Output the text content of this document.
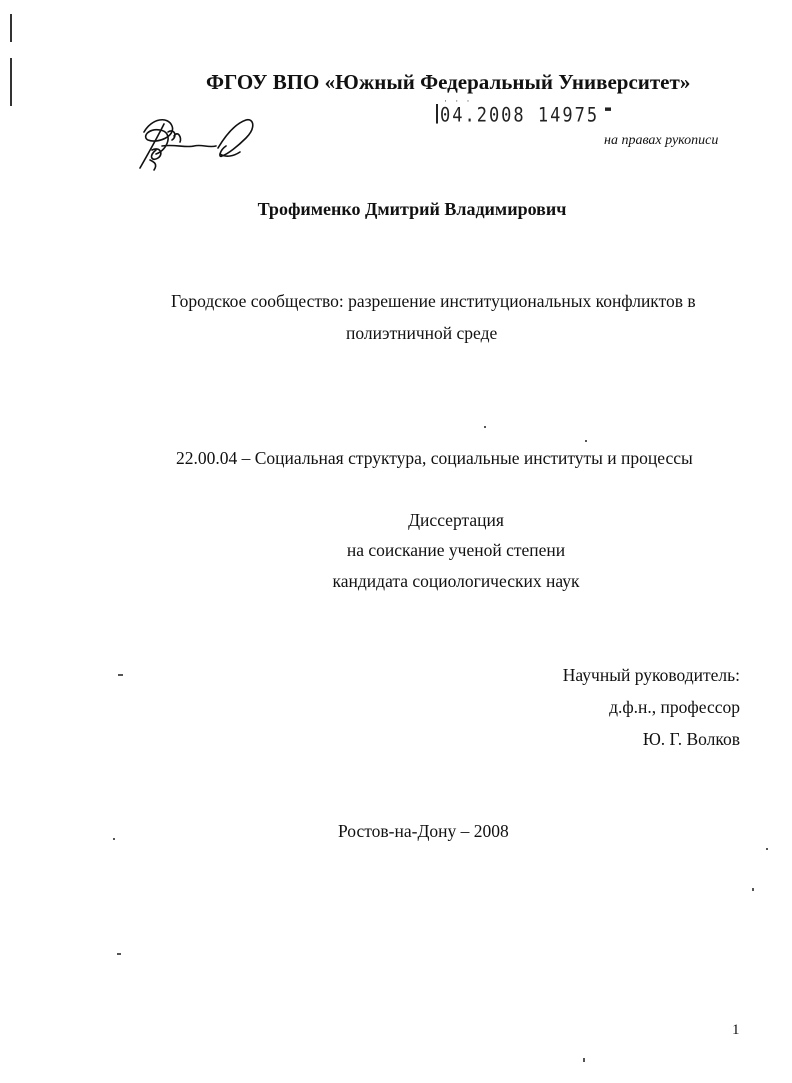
ФГОУ ВПО «Южный Федеральный Университет»
· · ·
04.2008 14975
на правах рукописи
Трофименко Дмитрий Владимирович
Городское сообщество: разрешение институциональных конфликтов в
полиэтничной среде
22.00.04 – Социальная структура, социальные институты и процессы
Диссертация
на соискание ученой степени
кандидата социологических наук
Научный руководитель:
д.ф.н., профессор
Ю. Г. Волков
Ростов-на-Дону – 2008
1
